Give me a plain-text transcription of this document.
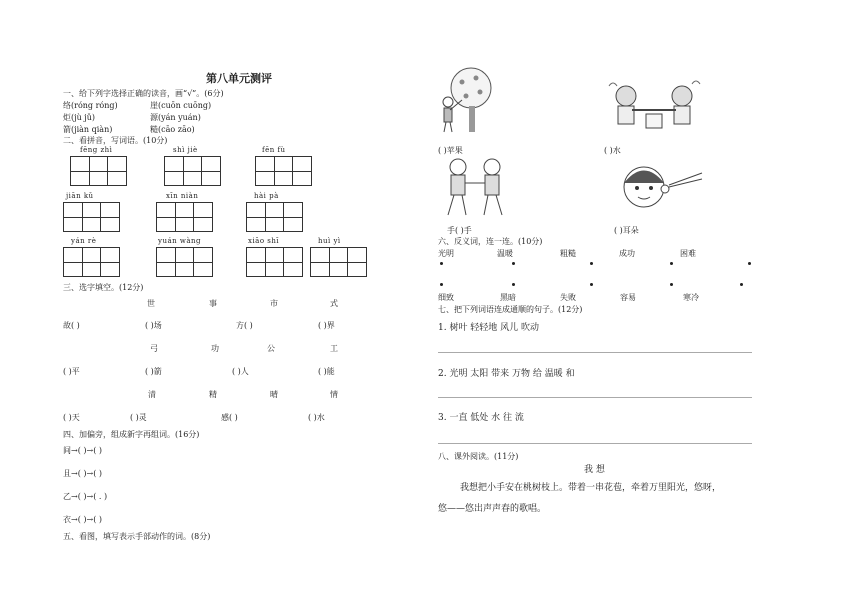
第八单元测评
一、给下列字选择正确的读音，画“√”。(6分)
络(róng róng)	崖(cuōn cuōng)
炬(jù jǔ)	源(yán yuán)
箭(jiàn qiàn)	糙(cāo zāo)
二、看拼音，写词语。(10分)
fēng zhì	shì jiè	fēn fù
jiān kǔ	xīn niàn	hài pà
yán rè	yuán wàng	xiāo shī	huì yì
三、选字填空。(12分)
世	事	市	式
故( )	( )场	方( )	( )界
弓	功	公	工
( )平	( )箭	( )人	( )能
清	精	晴	情
( )天	( )灵	感( )	( )水
四、加偏旁，组成新字再组词。(16分)
间→( )→( )
且→( )→( )
乙→( )→( . )
衣→( )→( )
五、看图，填写表示手部动作的词。(8分)
( )苹果	( )水
手( )手	( )耳朵
六、反义词，连一连。(10分)
光明	温暖	粗糙	成功	困难
细致	黑暗	失败	容易	寒冷
七、把下列词语连成通顺的句子。(12分)
1. 树叶 轻轻地 风儿 吹动
2. 光明 太阳 带来 万物 给 温暖 和
3. 一直 低处 水 往 流
八、课外阅读。(11分)
我 想
我想把小手安在桃树枝上。带着一串花苞，牵着万里阳光，悠呀，
悠——悠出声声春的歌唱。
